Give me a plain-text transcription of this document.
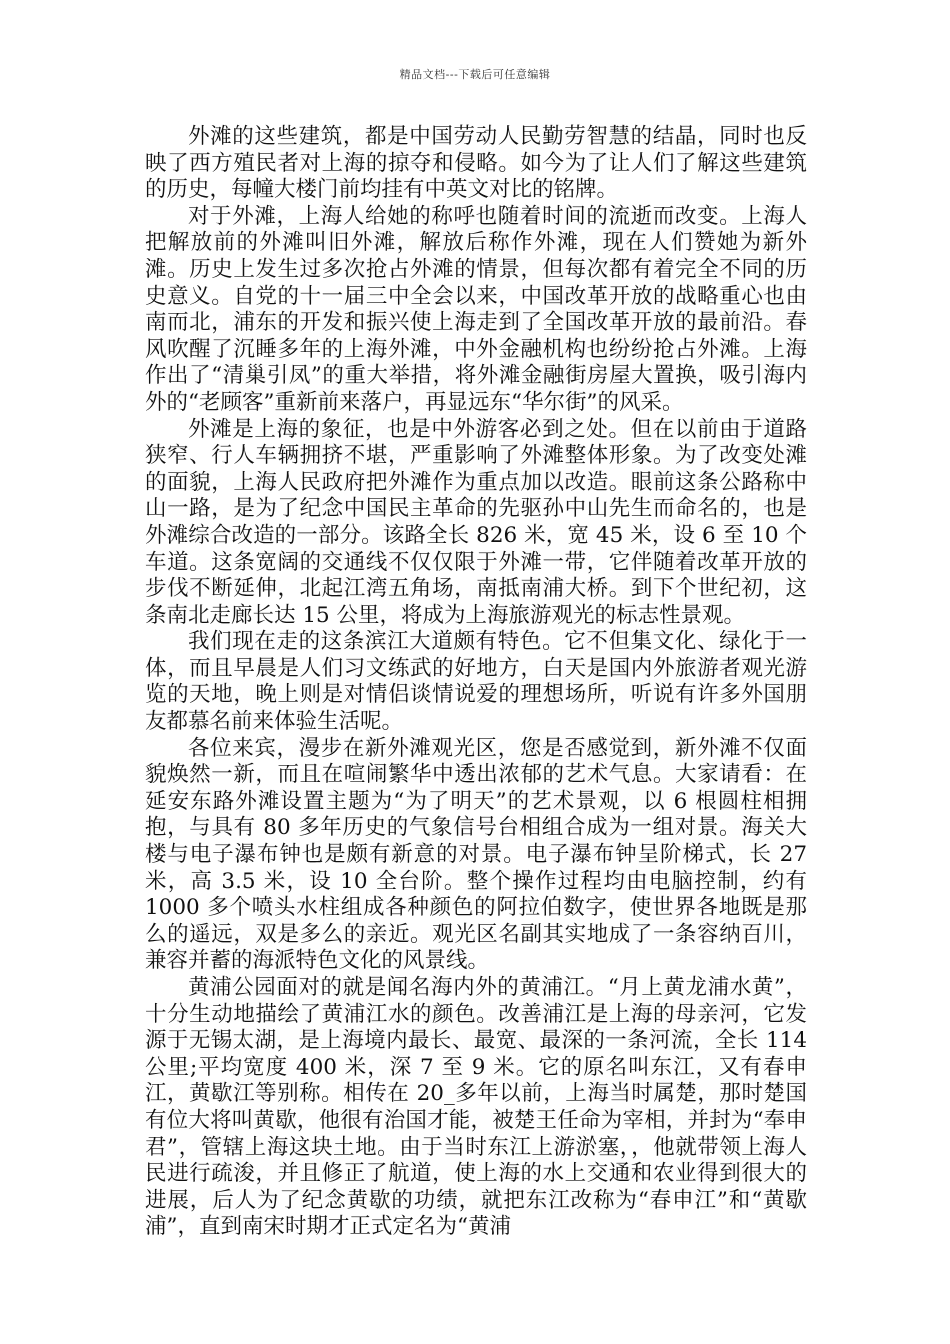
精品文档---下载后可任意编辑

外滩的这些建筑，都是中国劳动人民勤劳智慧的结晶，同时也反映了西方殖民者对上海的掠夺和侵略。如今为了让人们了解这些建筑的历史，每幢大楼门前均挂有中英文对比的铭牌。

对于外滩，上海人给她的称呼也随着时间的流逝而改变。上海人把解放前的外滩叫旧外滩，解放后称作外滩，现在人们赞她为新外滩。历史上发生过多次抢占外滩的情景，但每次都有着完全不同的历史意义。自党的十一届三中全会以来，中国改革开放的战略重心也由南而北，浦东的开发和振兴使上海走到了全国改革开放的最前沿。春风吹醒了沉睡多年的上海外滩，中外金融机构也纷纷抢占外滩。上海作出了“清巢引凤”的重大举措，将外滩金融街房屋大置换，吸引海内外的“老顾客”重新前来落户，再显远东“华尔街”的风采。

外滩是上海的象征，也是中外游客必到之处。但在以前由于道路狭窄、行人车辆拥挤不堪，严重影响了外滩整体形象。为了改变处滩的面貌，上海人民政府把外滩作为重点加以改造。眼前这条公路称中山一路，是为了纪念中国民主革命的先驱孙中山先生而命名的，也是外滩综合改造的一部分。该路全长 826 米，宽 45 米，设 6 至 10 个车道。这条宽阔的交通线不仅仅限于外滩一带，它伴随着改革开放的步伐不断延伸，北起江湾五角场，南抵南浦大桥。到下个世纪初，这条南北走廊长达 15 公里，将成为上海旅游观光的标志性景观。

我们现在走的这条滨江大道颇有特色。它不但集文化、绿化于一体，而且早晨是人们习文练武的好地方，白天是国内外旅游者观光游览的天地，晚上则是对情侣谈情说爱的理想场所，听说有许多外国朋友都慕名前来体验生活呢。

各位来宾，漫步在新外滩观光区，您是否感觉到，新外滩不仅面貌焕然一新，而且在喧闹繁华中透出浓郁的艺术气息。大家请看：在延安东路外滩设置主题为“为了明天”的艺术景观，以 6 根圆柱相拥抱，与具有 80 多年历史的气象信号台相组合成为一组对景。海关大楼与电子瀑布钟也是颇有新意的对景。电子瀑布钟呈阶梯式，长 27 米，高 3.5 米，设 10 全台阶。整个操作过程均由电脑控制，约有 1000 多个喷头水柱组成各种颜色的阿拉伯数字，使世界各地既是那么的遥远，双是多么的亲近。观光区名副其实地成了一条容纳百川，兼容并蓄的海派特色文化的风景线。

黄浦公园面对的就是闻名海内外的黄浦江。“月上黄龙浦水黄”，十分生动地描绘了黄浦江水的颜色。改善浦江是上海的母亲河，它发源于无锡太湖，是上海境内最长、最宽、最深的一条河流，全长 114 公里;平均宽度 400 米，深 7 至 9 米。它的原名叫东江，又有春申江，黄歇江等别称。相传在 20_多年以前，上海当时属楚，那时楚国有位大将叫黄歇，他很有治国才能，被楚王任命为宰相，并封为“奉申君”，管辖上海这块土地。由于当时东江上游淤塞，，他就带领上海人民进行疏浚，并且修正了航道，使上海的水上交通和农业得到很大的进展，后人为了纪念黄歇的功绩，就把东江改称为“春申江”和“黄歇浦”，直到南宋时期才正式定名为“黄浦
